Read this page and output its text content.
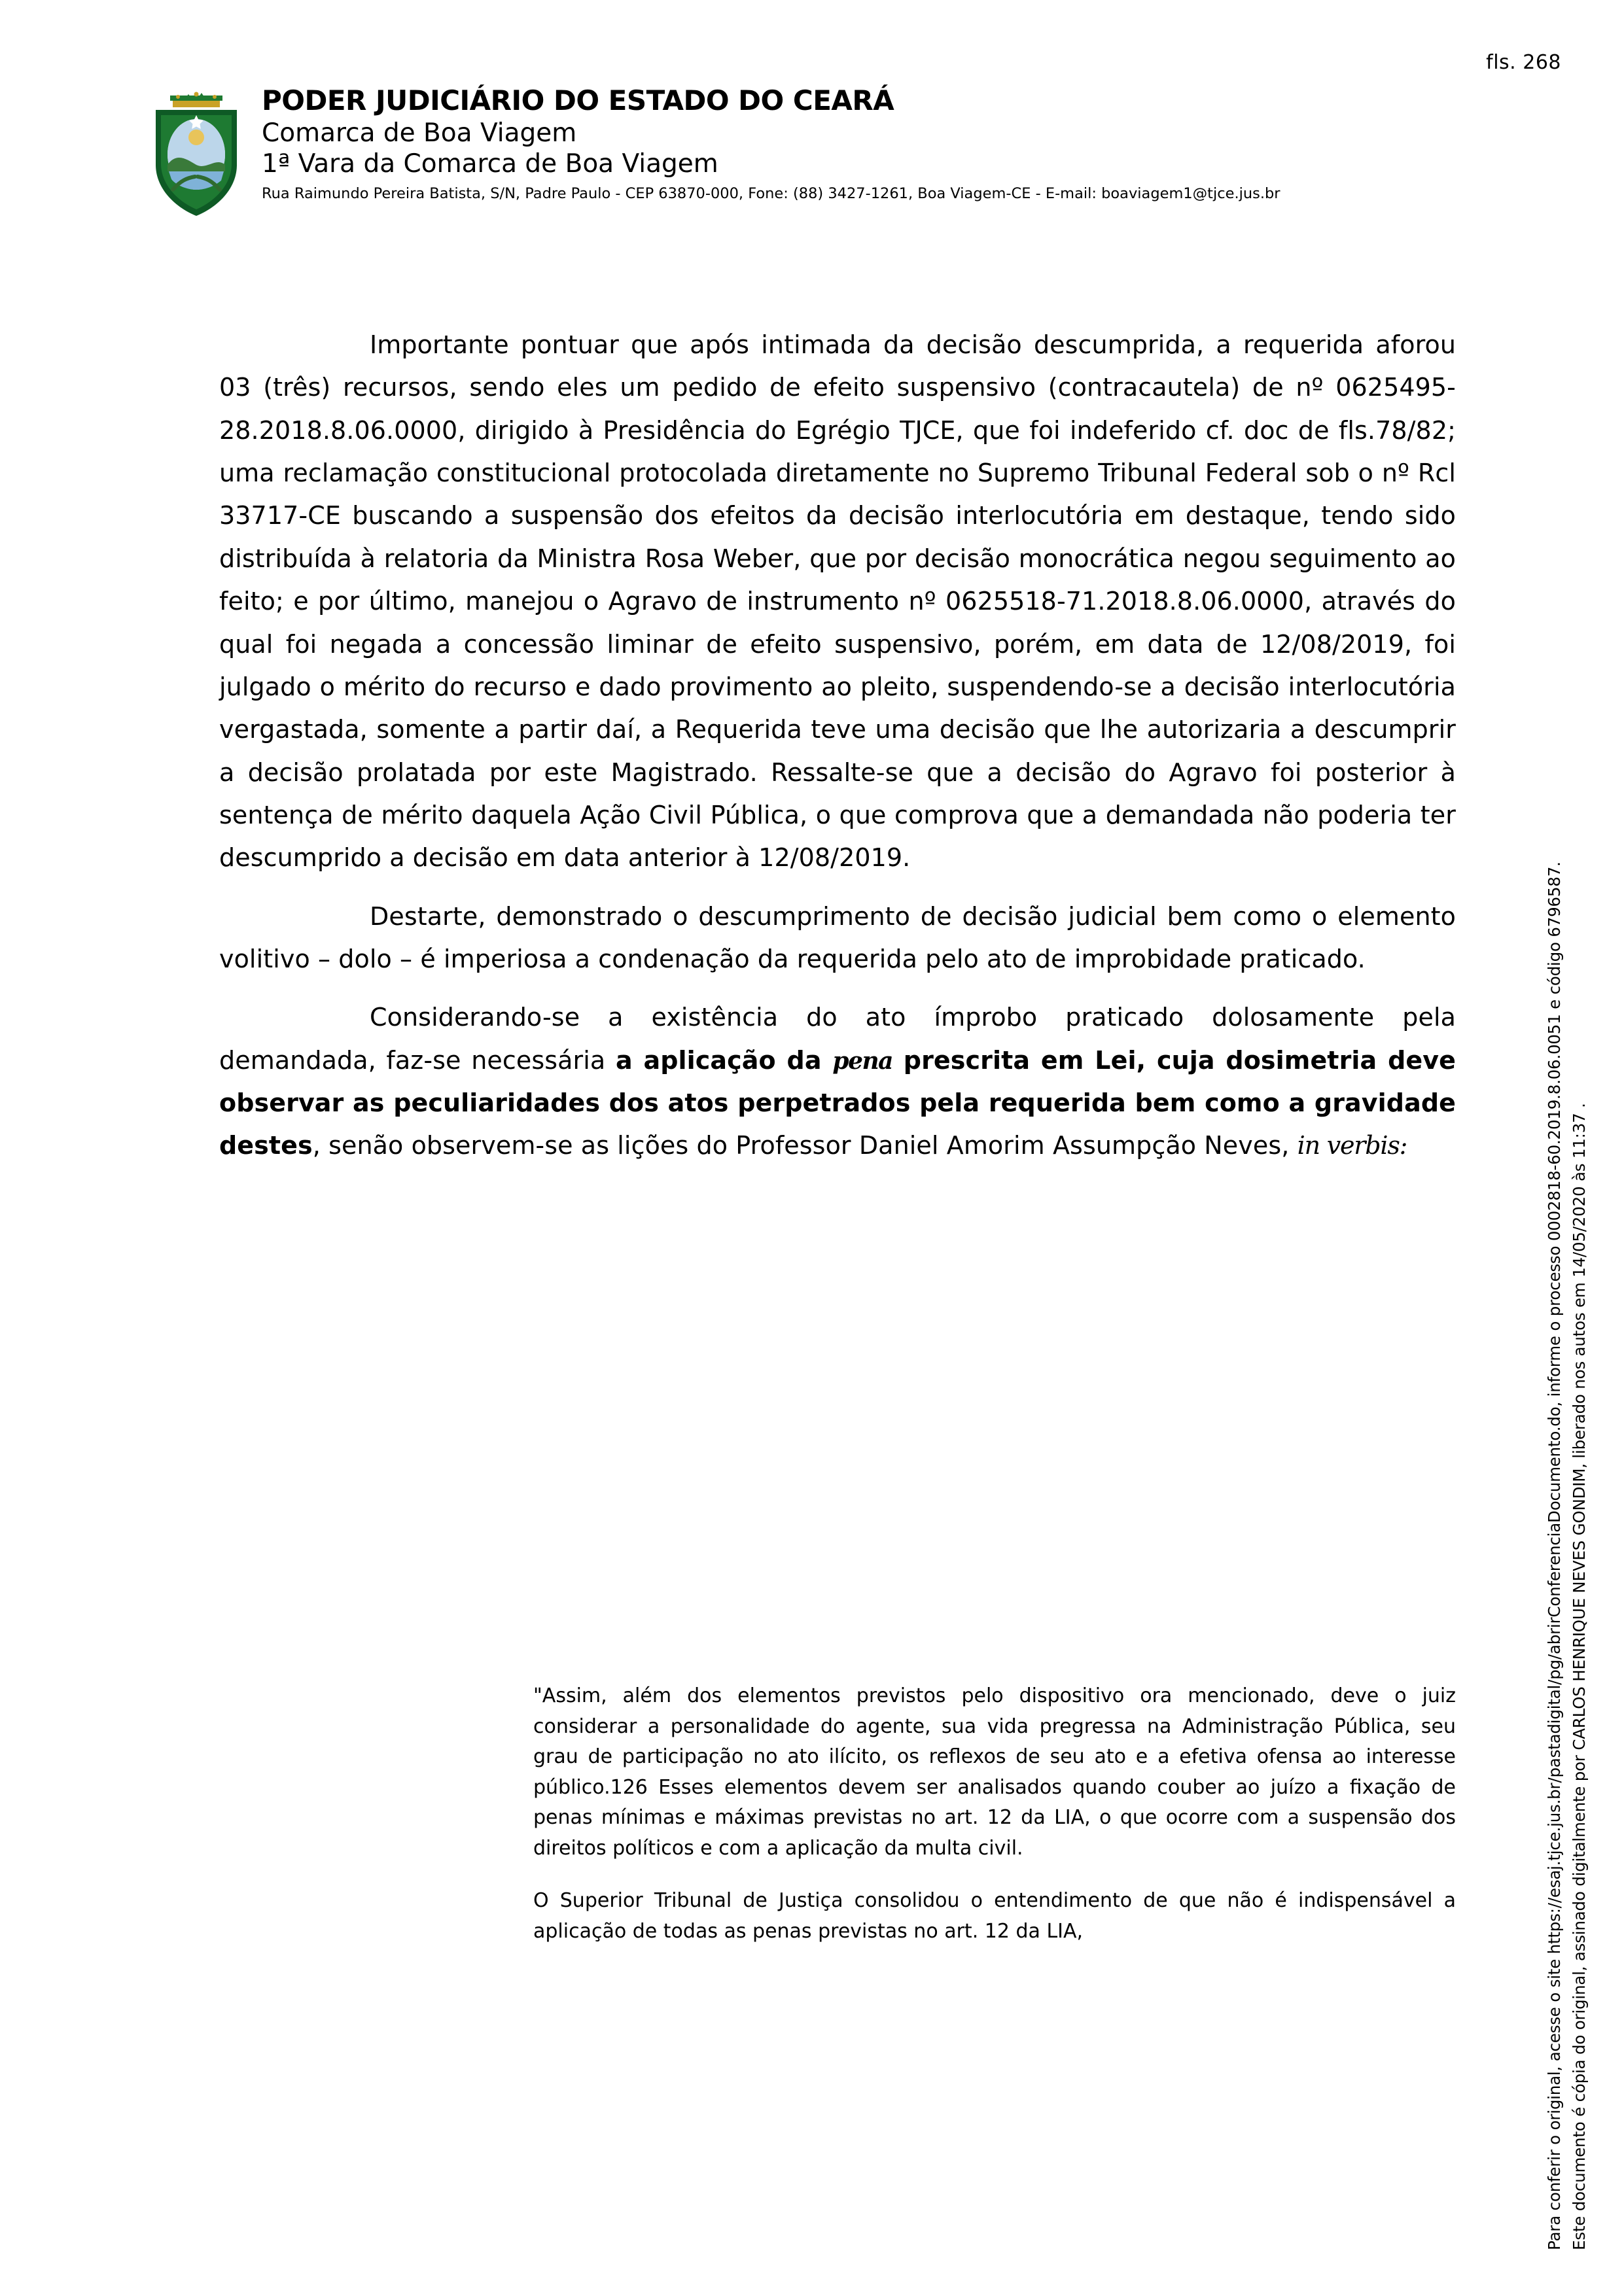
fls. 268
PODER JUDICIÁRIO DO ESTADO DO CEARÁ
Comarca de Boa Viagem
1ª Vara da Comarca de Boa Viagem
Rua Raimundo Pereira Batista, S/N, Padre Paulo - CEP 63870-000, Fone: (88) 3427-1261, Boa Viagem-CE - E-mail: boaviagem1@tjce.jus.br

Importante pontuar que após intimada da decisão descumprida, a requerida aforou 03 (três) recursos, sendo eles um pedido de efeito suspensivo (contracautela) de nº 0625495-28.2018.8.06.0000, dirigido à Presidência do Egrégio TJCE, que foi indeferido cf. doc de fls.78/82; uma reclamação constitucional protocolada diretamente no Supremo Tribunal Federal sob o nº Rcl 33717-CE buscando a suspensão dos efeitos da decisão interlocutória em destaque, tendo sido distribuída à relatoria da Ministra Rosa Weber, que por decisão monocrática negou seguimento ao feito; e por último, manejou o Agravo de instrumento nº 0625518-71.2018.8.06.0000, através do qual foi negada a concessão liminar de efeito suspensivo, porém, em data de 12/08/2019, foi julgado o mérito do recurso e dado provimento ao pleito, suspendendo-se a decisão interlocutória vergastada, somente a partir daí, a Requerida teve uma decisão que lhe autorizaria a descumprir a decisão prolatada por este Magistrado. Ressalte-se que a decisão do Agravo foi posterior à sentença de mérito daquela Ação Civil Pública, o que comprova que a demandada não poderia ter descumprido a decisão em data anterior à 12/08/2019.

Destarte, demonstrado o descumprimento de decisão judicial bem como o elemento volitivo – dolo – é imperiosa a condenação da requerida pelo ato de improbidade praticado.

Considerando-se a existência do ato ímprobo praticado dolosamente pela demandada, faz-se necessária a aplicação da pena prescrita em Lei, cuja dosimetria deve observar as peculiaridades dos atos perpetrados pela requerida bem como a gravidade destes, senão observem-se as lições do Professor Daniel Amorim Assumpção Neves, in verbis:

"Assim, além dos elementos previstos pelo dispositivo ora mencionado, deve o juiz considerar a personalidade do agente, sua vida pregressa na Administração Pública, seu grau de participação no ato ilícito, os reflexos de seu ato e a efetiva ofensa ao interesse público.126 Esses elementos devem ser analisados quando couber ao juízo a fixação de penas mínimas e máximas previstas no art. 12 da LIA, o que ocorre com a suspensão dos direitos políticos e com a aplicação da multa civil.

O Superior Tribunal de Justiça consolidou o entendimento de que não é indispensável a aplicação de todas as penas previstas no art. 12 da LIA,	Este documento é cópia do original, assinado digitalmente por CARLOS HENRIQUE NEVES GONDIM, liberado nos autos em 14/05/2020 às 11:37 .
Para conferir o original, acesse o site https://esaj.tjce.jus.br/pastadigital/pg/abrirConferenciaDocumento.do, informe o processo 0002818-60.2019.8.06.0051 e código 6796587.
